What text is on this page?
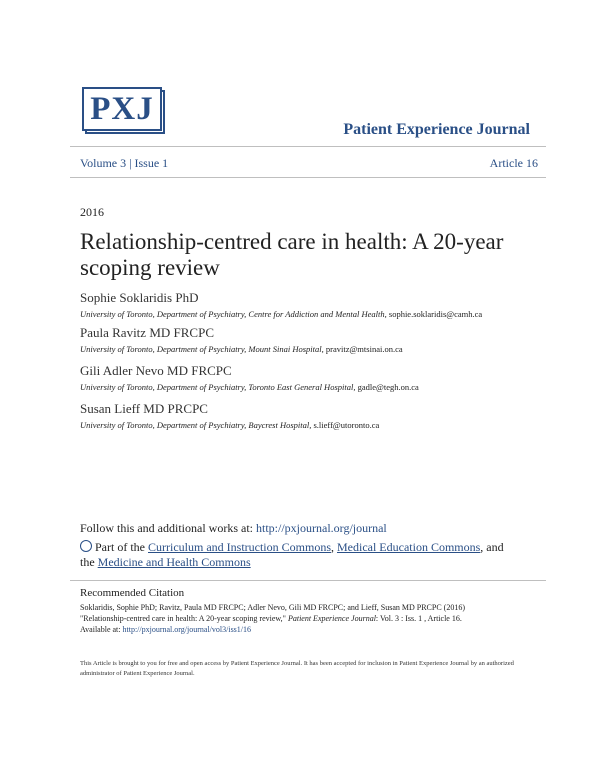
PXJ
Patient Experience Journal
Volume 3 | Issue 1	Article 16
2016
Relationship-centred care in health: A 20-year scoping review
Sophie Soklaridis PhD
University of Toronto, Department of Psychiatry, Centre for Addiction and Mental Health, sophie.soklaridis@camh.ca
Paula Ravitz MD FRCPC
University of Toronto, Department of Psychiatry, Mount Sinai Hospital, pravitz@mtsinai.on.ca
Gili Adler Nevo MD FRCPC
University of Toronto, Department of Psychiatry, Toronto East General Hospital, gadle@tegh.on.ca
Susan Lieff MD PRCPC
University of Toronto, Department of Psychiatry, Baycrest Hospital, s.lieff@utoronto.ca
Follow this and additional works at: http://pxjournal.org/journal
Part of the Curriculum and Instruction Commons, Medical Education Commons, and the Medicine and Health Commons
Recommended Citation
Soklaridis, Sophie PhD; Ravitz, Paula MD FRCPC; Adler Nevo, Gili MD FRCPC; and Lieff, Susan MD PRCPC (2016)
"Relationship-centred care in health: A 20-year scoping review," Patient Experience Journal: Vol. 3 : Iss. 1 , Article 16.
Available at: http://pxjournal.org/journal/vol3/iss1/16
This Article is brought to you for free and open access by Patient Experience Journal. It has been accepted for inclusion in Patient Experience Journal by an authorized administrator of Patient Experience Journal.
